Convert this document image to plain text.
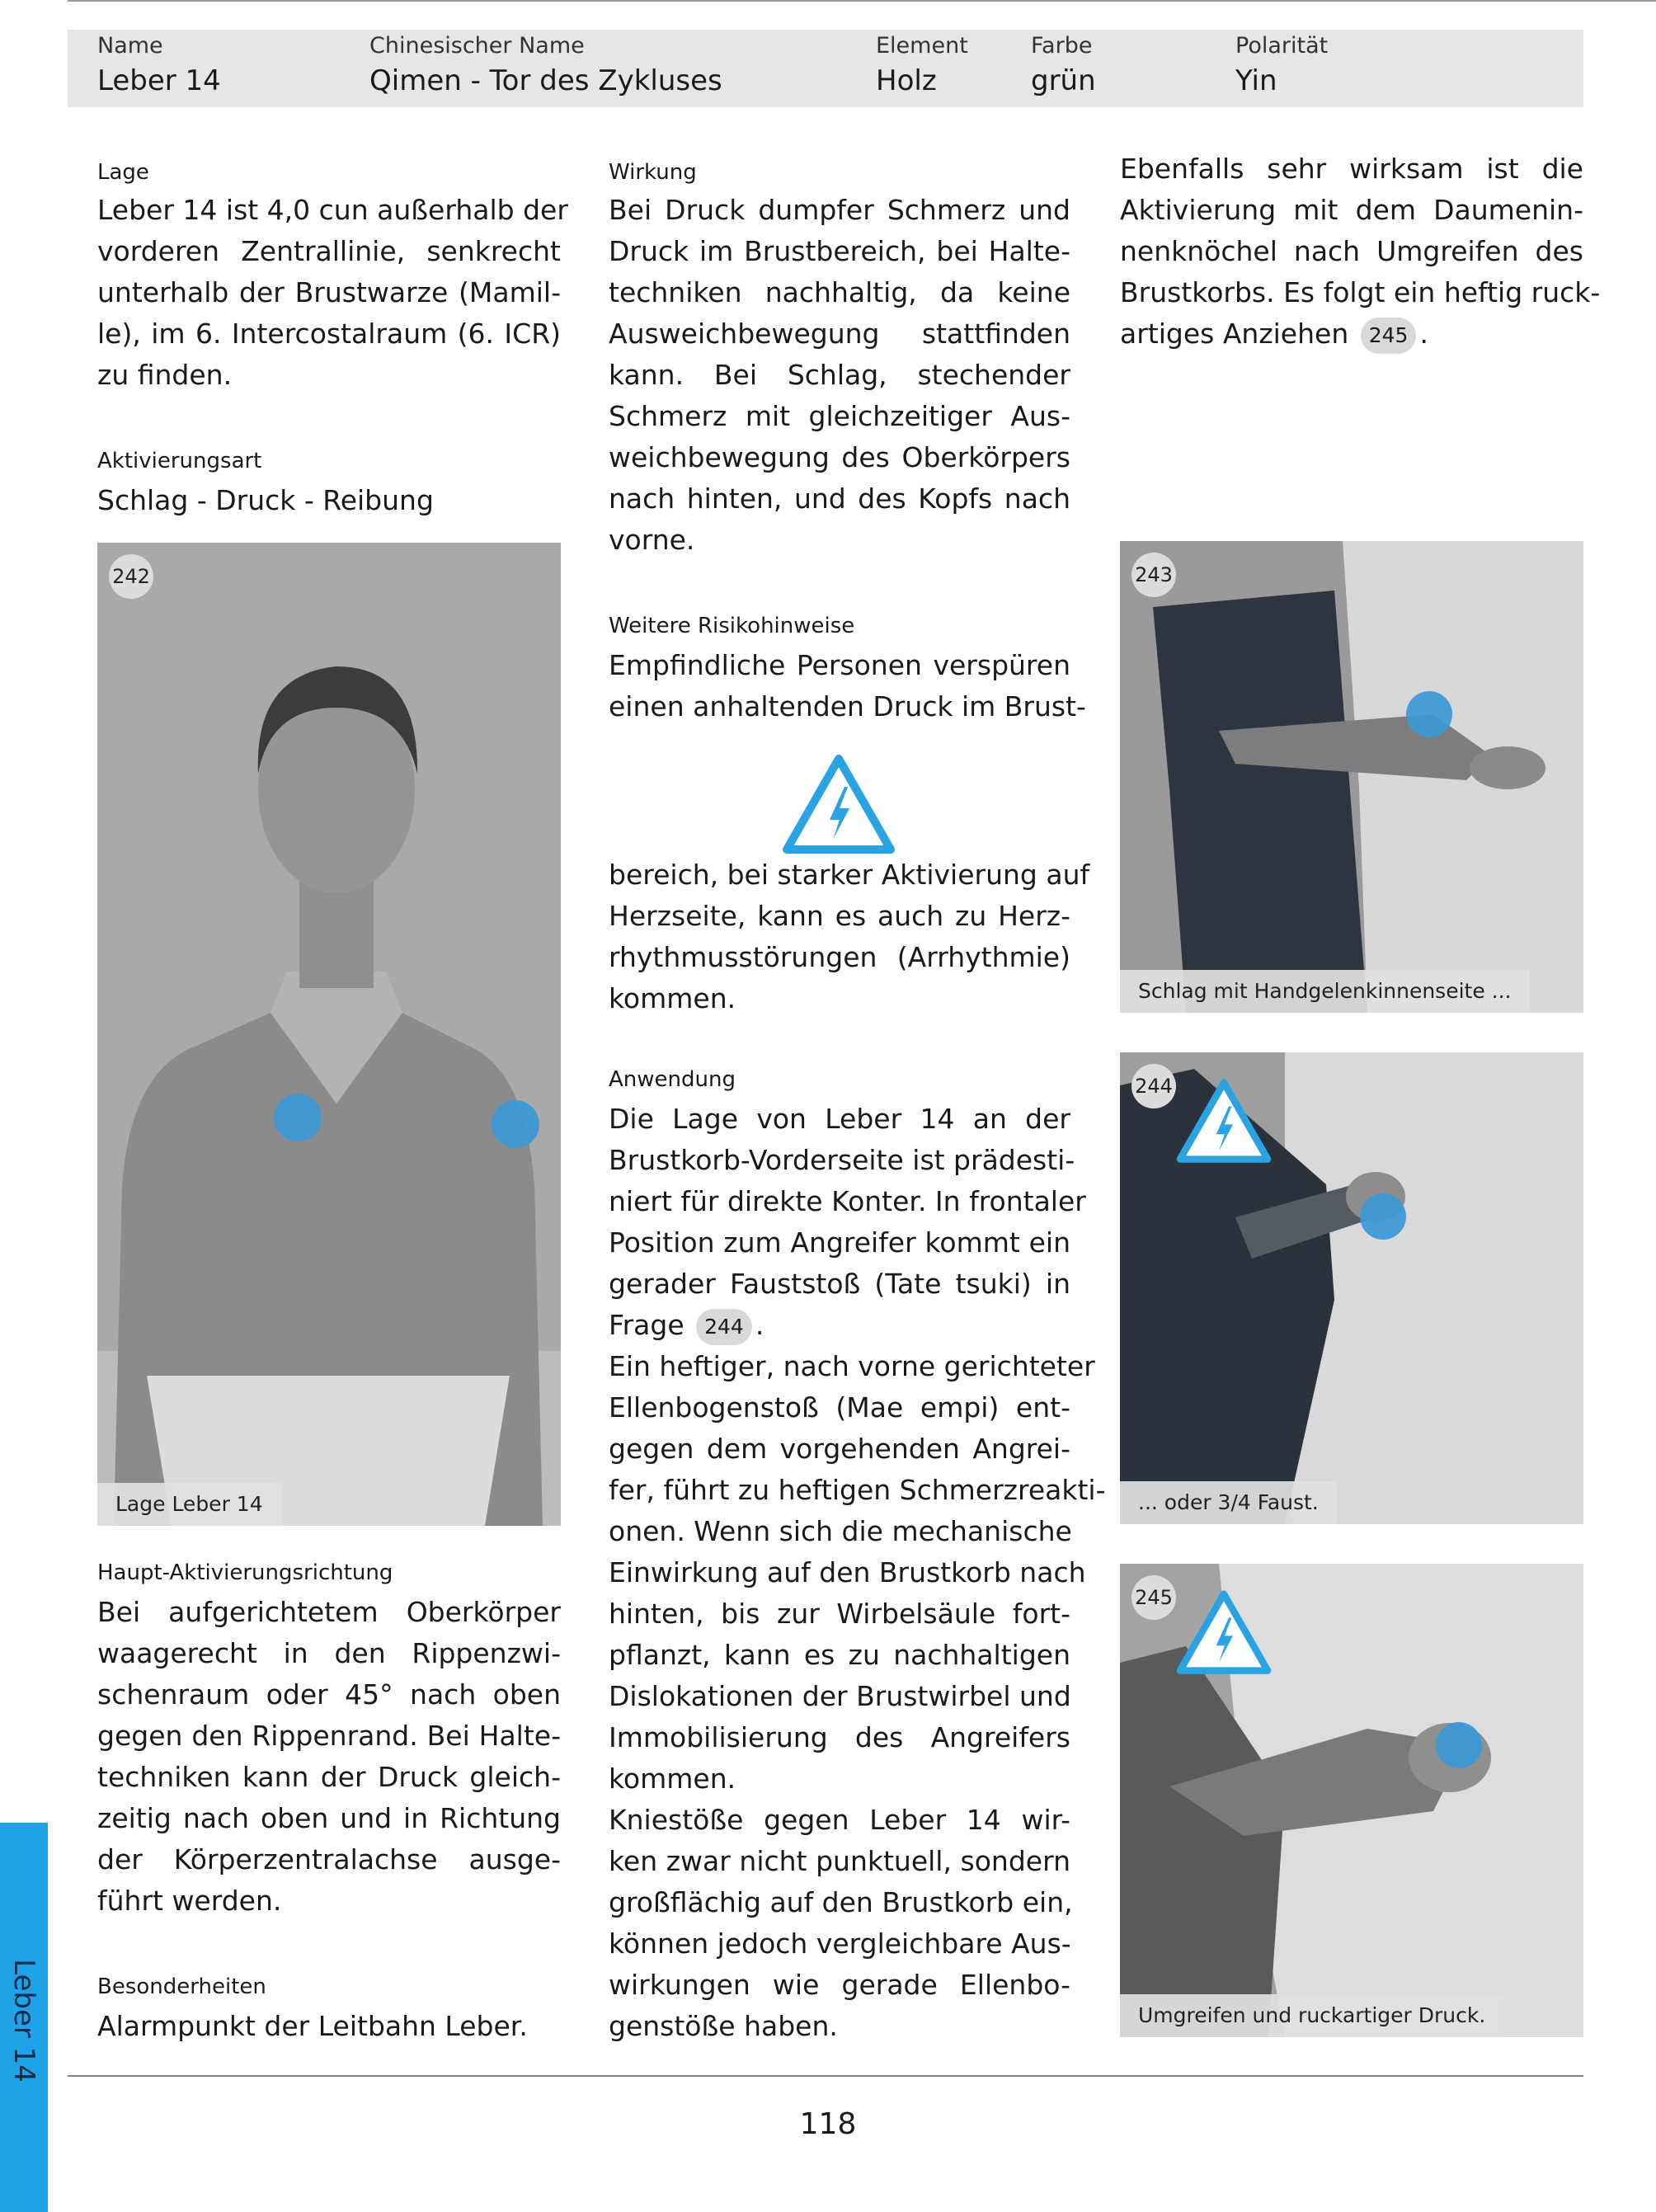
Name
Leber 14
Chinesischer Name
Qimen - Tor des Zykluses
Element
Holz
Farbe
grün
Polarität
Yin
Lage
Leber 14 ist 4,0 cun außerhalb der
vorderen Zentrallinie, senkrecht
unterhalb der Brustwarze (Mamil-
le), im 6. Intercostalraum (6. ICR)
zu finden.
Aktivierungsart
Schlag - Druck - Reibung
242
Lage Leber 14
Haupt-Aktivierungsrichtung
Bei aufgerichtetem Oberkörper
waagerecht in den Rippenzwi-
schenraum oder 45° nach oben
gegen den Rippenrand. Bei Halte-
techniken kann der Druck gleich-
zeitig nach oben und in Richtung
der Körperzentralachse ausge-
führt werden.
Besonderheiten
Alarmpunkt der Leitbahn Leber.
Wirkung
Bei Druck dumpfer Schmerz und
Druck im Brustbereich, bei Halte-
techniken nachhaltig, da keine
Ausweichbewegung stattfinden
kann. Bei Schlag, stechender
Schmerz mit gleichzeitiger Aus-
weichbewegung des Oberkörpers
nach hinten, und des Kopfs nach
vorne.
Weitere Risikohinweise
Empfindliche Personen verspüren
einen anhaltenden Druck im Brust-
bereich, bei starker Aktivierung auf
Herzseite, kann es auch zu Herz-
rhythmusstörungen (Arrhythmie)
kommen.
Anwendung
Die Lage von Leber 14 an der
Brustkorb-Vorderseite ist prädesti-
niert für direkte Konter. In frontaler
Position zum Angreifer kommt ein
gerader Fauststoß (Tate tsuki) in
Frage 244 .
Ein heftiger, nach vorne gerichteter
Ellenbogenstoß (Mae empi) ent-
gegen dem vorgehenden Angrei-
fer, führt zu heftigen Schmerzreakti-
onen. Wenn sich die mechanische
Einwirkung auf den Brustkorb nach
hinten, bis zur Wirbelsäule fort-
pflanzt, kann es zu nachhaltigen
Dislokationen der Brustwirbel und
Immobilisierung des Angreifers
kommen.
Kniestöße gegen Leber 14 wir-
ken zwar nicht punktuell, sondern
großflächig auf den Brustkorb ein,
können jedoch vergleichbare Aus-
wirkungen wie gerade Ellenbo-
genstöße haben.
Ebenfalls sehr wirksam ist die
Aktivierung mit dem Daumenin-
nenknöchel nach Umgreifen des
Brustkorbs. Es folgt ein heftig ruck-
artiges Anziehen 245 .
243
Schlag mit Handgelenkinnenseite ...
244
... oder 3/4 Faust.
245
Umgreifen und ruckartiger Druck.
118
Leber 14
